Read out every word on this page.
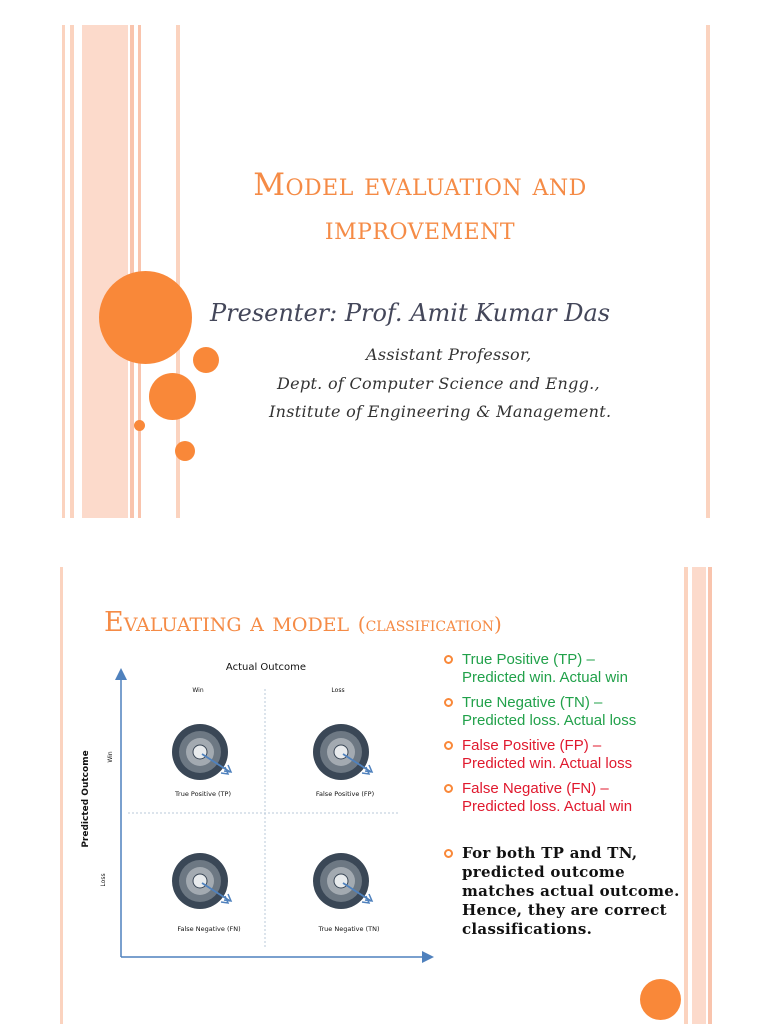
Model evaluation and
improvement
Presenter: Prof. Amit Kumar Das
Assistant Professor,
Dept. of Computer Science and Engg.,
Institute of Engineering & Management.
Evaluating a model (classification)
Actual Outcome
Win	Loss
Predicted Outcome	Win
Loss
True Positive (TP)	False Positive (FP)
False Negative (FN)	True Negative (TN)
True Positive (TP) –
Predicted win. Actual win
True Negative (TN) –
Predicted loss. Actual loss
False Positive (FP) –
Predicted win. Actual loss
False Negative (FN) –
Predicted loss. Actual win
For both TP and TN, predicted outcome matches actual outcome. Hence, they are correct classifications.
